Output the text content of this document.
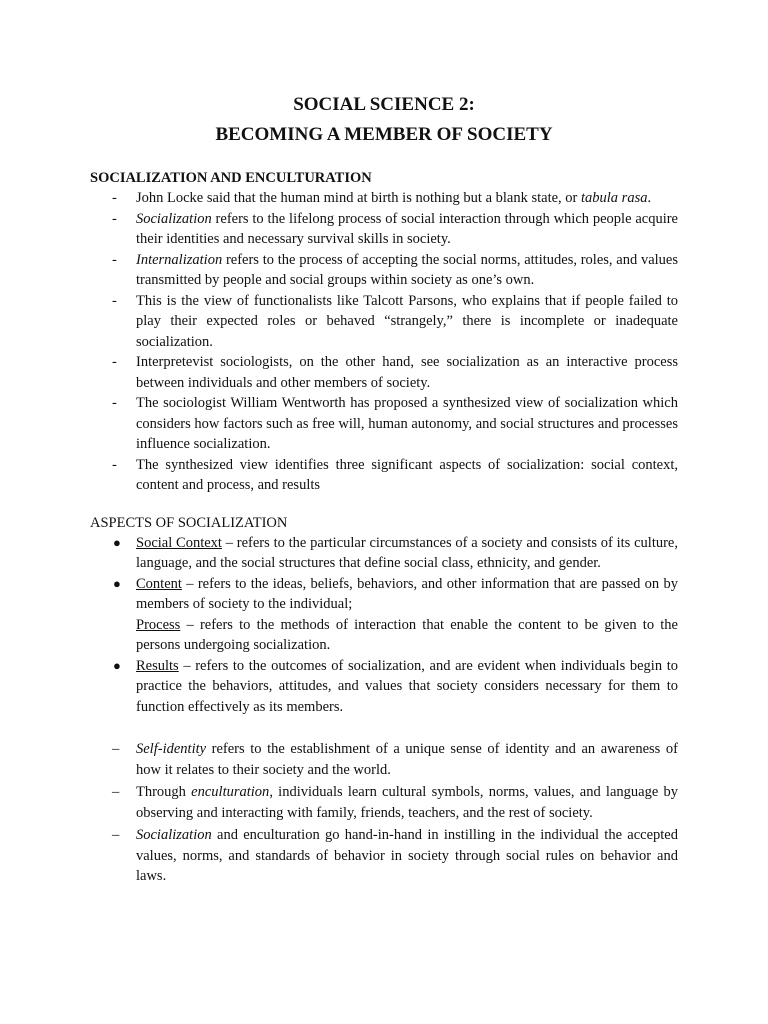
SOCIAL SCIENCE 2:
BECOMING A MEMBER OF SOCIETY
SOCIALIZATION AND ENCULTURATION
- John Locke said that the human mind at birth is nothing but a blank state, or tabula rasa.
- Socialization refers to the lifelong process of social interaction through which people acquire their identities and necessary survival skills in society.
- Internalization refers to the process of accepting the social norms, attitudes, roles, and values transmitted by people and social groups within society as one’s own.
- This is the view of functionalists like Talcott Parsons, who explains that if people failed to play their expected roles or behaved “strangely,” there is incomplete or inadequate socialization.
- Interpretevist sociologists, on the other hand, see socialization as an interactive process between individuals and other members of society.
- The sociologist William Wentworth has proposed a synthesized view of socialization which considers how factors such as free will, human autonomy, and social structures and processes influence socialization.
- The synthesized view identifies three significant aspects of socialization: social context, content and process, and results
ASPECTS OF SOCIALIZATION
● Social Context – refers to the particular circumstances of a society and consists of its culture, language, and the social structures that define social class, ethnicity, and gender.
● Content – refers to the ideas, beliefs, behaviors, and other information that are passed on by members of society to the individual;
Process – refers to the methods of interaction that enable the content to be given to the persons undergoing socialization.
● Results – refers to the outcomes of socialization, and are evident when individuals begin to practice the behaviors, attitudes, and values that society considers necessary for them to function effectively as its members.
– Self-identity refers to the establishment of a unique sense of identity and an awareness of how it relates to their society and the world.
– Through enculturation, individuals learn cultural symbols, norms, values, and language by observing and interacting with family, friends, teachers, and the rest of society.
– Socialization and enculturation go hand-in-hand in instilling in the individual the accepted values, norms, and standards of behavior in society through social rules on behavior and laws.
